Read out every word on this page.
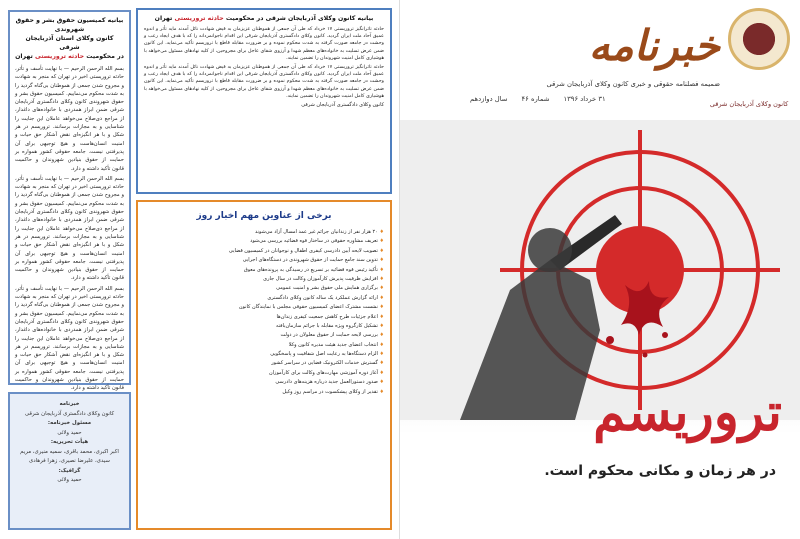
بیانیه کمیسیون حقوق بشر و حقوق شهروندی
کانون وکلای استان آذربایجان شرقی
در محکومیت حادثه تروریستی تهران
بسم الله الرحمن الرحیم — با نهایت تأسف و تأثر، حادثه تروریستی اخیر در تهران که منجر به شهادت و مجروح شدن جمعی از هموطنان بی‌گناه گردید را به شدت محکوم می‌نماییم. کمیسیون حقوق بشر و حقوق شهروندی کانون وکلای دادگستری آذربایجان شرقی ضمن ابراز همدردی با خانواده‌های داغدار، از مراجع ذی‌صلاح می‌خواهد عاملان این جنایت را شناسایی و به مجازات برسانند. تروریسم در هر شکل و با هر انگیزه‌ای نقض آشکار حق حیات و امنیت انسان‌هاست و هیچ توجیهی برای آن پذیرفتنی نیست. جامعه حقوقی کشور همواره بر حمایت از حقوق بنیادین شهروندان و حاکمیت قانون تأکید داشته و دارد.
بسم الله الرحمن الرحیم — با نهایت تأسف و تأثر، حادثه تروریستی اخیر در تهران که منجر به شهادت و مجروح شدن جمعی از هموطنان بی‌گناه گردید را به شدت محکوم می‌نماییم. کمیسیون حقوق بشر و حقوق شهروندی کانون وکلای دادگستری آذربایجان شرقی ضمن ابراز همدردی با خانواده‌های داغدار، از مراجع ذی‌صلاح می‌خواهد عاملان این جنایت را شناسایی و به مجازات برسانند. تروریسم در هر شکل و با هر انگیزه‌ای نقض آشکار حق حیات و امنیت انسان‌هاست و هیچ توجیهی برای آن پذیرفتنی نیست. جامعه حقوقی کشور همواره بر حمایت از حقوق بنیادین شهروندان و حاکمیت قانون تأکید داشته و دارد.
بسم الله الرحمن الرحیم — با نهایت تأسف و تأثر، حادثه تروریستی اخیر در تهران که منجر به شهادت و مجروح شدن جمعی از هموطنان بی‌گناه گردید را به شدت محکوم می‌نماییم. کمیسیون حقوق بشر و حقوق شهروندی کانون وکلای دادگستری آذربایجان شرقی ضمن ابراز همدردی با خانواده‌های داغدار، از مراجع ذی‌صلاح می‌خواهد عاملان این جنایت را شناسایی و به مجازات برسانند. تروریسم در هر شکل و با هر انگیزه‌ای نقض آشکار حق حیات و امنیت انسان‌هاست و هیچ توجیهی برای آن پذیرفتنی نیست. جامعه حقوقی کشور همواره بر حمایت از حقوق بنیادین شهروندان و حاکمیت قانون تأکید داشته و دارد.
بیانیه کانون وکلای آذربایجان شرقی در محکومیت حادثه تروریستی تهران
حادثه تاثرانگیز تروریستی ۱۷ خرداد که طی آن جمعی از هموطنان عزیزمان به فیض شهادت نائل آمدند مایه تأثر و اندوه عمیق آحاد ملت ایران گردید. کانون وکلای دادگستری آذربایجان شرقی این اقدام ناجوانمردانه را که با هدف ایجاد رعب و وحشت در جامعه صورت گرفته به شدت محکوم نموده و بر ضرورت مقابله قاطع با تروریسم تأکید می‌نماید. این کانون ضمن عرض تسلیت به خانواده‌های معظم شهدا و آرزوی شفای عاجل برای مجروحین، از کلیه نهادهای مسئول می‌خواهد با هوشیاری کامل امنیت شهروندان را تضمین نمایند.
حادثه تاثرانگیز تروریستی ۱۷ خرداد که طی آن جمعی از هموطنان عزیزمان به فیض شهادت نائل آمدند مایه تأثر و اندوه عمیق آحاد ملت ایران گردید. کانون وکلای دادگستری آذربایجان شرقی این اقدام ناجوانمردانه را که با هدف ایجاد رعب و وحشت در جامعه صورت گرفته به شدت محکوم نموده و بر ضرورت مقابله قاطع با تروریسم تأکید می‌نماید. این کانون ضمن عرض تسلیت به خانواده‌های معظم شهدا و آرزوی شفای عاجل برای مجروحین، از کلیه نهادهای مسئول می‌خواهد با هوشیاری کامل امنیت شهروندان را تضمین نمایند.
کانون وکلای دادگستری آذربایجان شرقی
برخی از عناوین مهم اخبار روز
♦ ۲۰ هزار نفر از زندانیان جرائم غیر عمد امسال آزاد می‌شوند
♦ تعریف مشاوره حقوقی در ساختار قوه قضائیه بررسی می‌شود
♦ تصویب لایحه آیین دادرسی کیفری اطفال و نوجوانان در کمیسیون قضایی
♦ تدوین سند جامع حمایت از حقوق شهروندی در دستگاه‌های اجرایی
♦ تأکید رئیس قوه قضائیه بر تسریع در رسیدگی به پرونده‌های معوق
♦ افزایش ظرفیت پذیرش کارآموزان وکالت در سال جاری
♦ برگزاری همایش ملی حقوق بشر و امنیت عمومی
♦ ارائه گزارش عملکرد یک ساله کانون وکلای دادگستری
♦ نشست مشترک اعضای کمیسیون حقوقی مجلس با نمایندگان کانون
♦ اعلام جزئیات طرح کاهش جمعیت کیفری زندان‌ها
♦ تشکیل کارگروه ویژه مقابله با جرائم سازمان‌یافته
♦ بررسی لایحه حمایت از حقوق معلولان در دولت
♦ انتخاب اعضای جدید هیئت مدیره کانون وکلا
♦ الزام دستگاه‌ها به رعایت اصل شفافیت و پاسخگویی
♦ گسترش خدمات الکترونیک قضایی در سراسر کشور
♦ آغاز دوره آموزشی مهارت‌های وکالت برای کارآموزان
♦ صدور دستورالعمل جدید درباره هزینه‌های دادرسی
♦ تقدیر از وکلای پیشکسوت در مراسم روز وکیل
خبرنامه
کانون وکلای دادگستری آذربایجان شرقی
مسئول خبرنامه:
حمید ولائی
هیأت تحریریه:
اکبر اکبری، محمد باقری، سمیه منیری، مریم سیدی، علیرضا نصیری، زهرا فرهادی
گرافیک:
حمید ولائی
کانون وکلای آذربایجان شرقی
خبرنامه
ضمیمه فصلنامه حقوقی و خبری کانون وکلای آذربایجان شرقی
سال دوازدهم شماره ۴۶ ۳۱ خرداد ۱۳۹۶
تروریسم
در هر زمان و مکانی محکوم است.
